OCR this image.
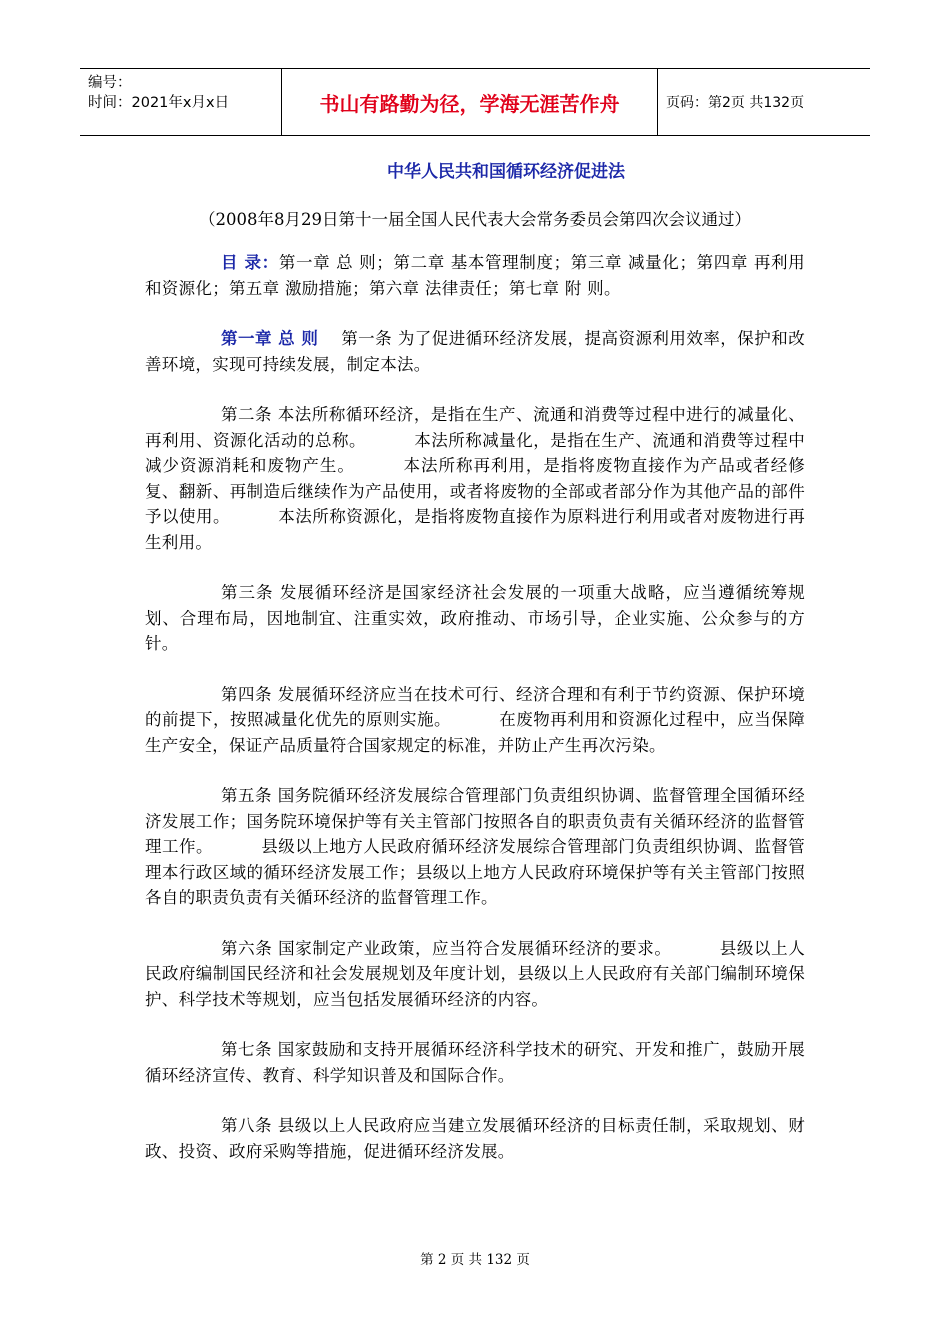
编号：
时间：2021年x月x日	书山有路勤为径，学海无涯苦作舟	页码：第2页 共132页
中华人民共和国循环经济促进法
（2008年8月29日第十一届全国人民代表大会常务委员会第四次会议通过）

目 录：第一章 总 则；第二章 基本管理制度；第三章 减量化；第四章 再利用和资源化；第五章 激励措施；第六章 法律责任；第七章 附 则。

第一章 总 则 第一条 为了促进循环经济发展，提高资源利用效率，保护和改善环境，实现可持续发展，制定本法。

第二条 本法所称循环经济，是指在生产、流通和消费等过程中进行的减量化、再利用、资源化活动的总称。	本法所称减量化，是指在生产、流通和消费等过程中减少资源消耗和废物产生。	本法所称再利用，是指将废物直接作为产品或者经修复、翻新、再制造后继续作为产品使用，或者将废物的全部或者部分作为其他产品的部件予以使用。	本法所称资源化，是指将废物直接作为原料进行利用或者对废物进行再生利用。

第三条 发展循环经济是国家经济社会发展的一项重大战略，应当遵循统筹规划、合理布局，因地制宜、注重实效，政府推动、市场引导，企业实施、公众参与的方针。

第四条 发展循环经济应当在技术可行、经济合理和有利于节约资源、保护环境的前提下，按照减量化优先的原则实施。	在废物再利用和资源化过程中，应当保障生产安全，保证产品质量符合国家规定的标准，并防止产生再次污染。

第五条 国务院循环经济发展综合管理部门负责组织协调、监督管理全国循环经济发展工作；国务院环境保护等有关主管部门按照各自的职责负责有关循环经济的监督管理工作。	县级以上地方人民政府循环经济发展综合管理部门负责组织协调、监督管理本行政区域的循环经济发展工作；县级以上地方人民政府环境保护等有关主管部门按照各自的职责负责有关循环经济的监督管理工作。

第六条 国家制定产业政策，应当符合发展循环经济的要求。	县级以上人民政府编制国民经济和社会发展规划及年度计划，县级以上人民政府有关部门编制环境保护、科学技术等规划，应当包括发展循环经济的内容。

第七条 国家鼓励和支持开展循环经济科学技术的研究、开发和推广，鼓励开展循环经济宣传、教育、科学知识普及和国际合作。

第八条 县级以上人民政府应当建立发展循环经济的目标责任制，采取规划、财政、投资、政府采购等措施，促进循环经济发展。

第 2 页 共 132 页
